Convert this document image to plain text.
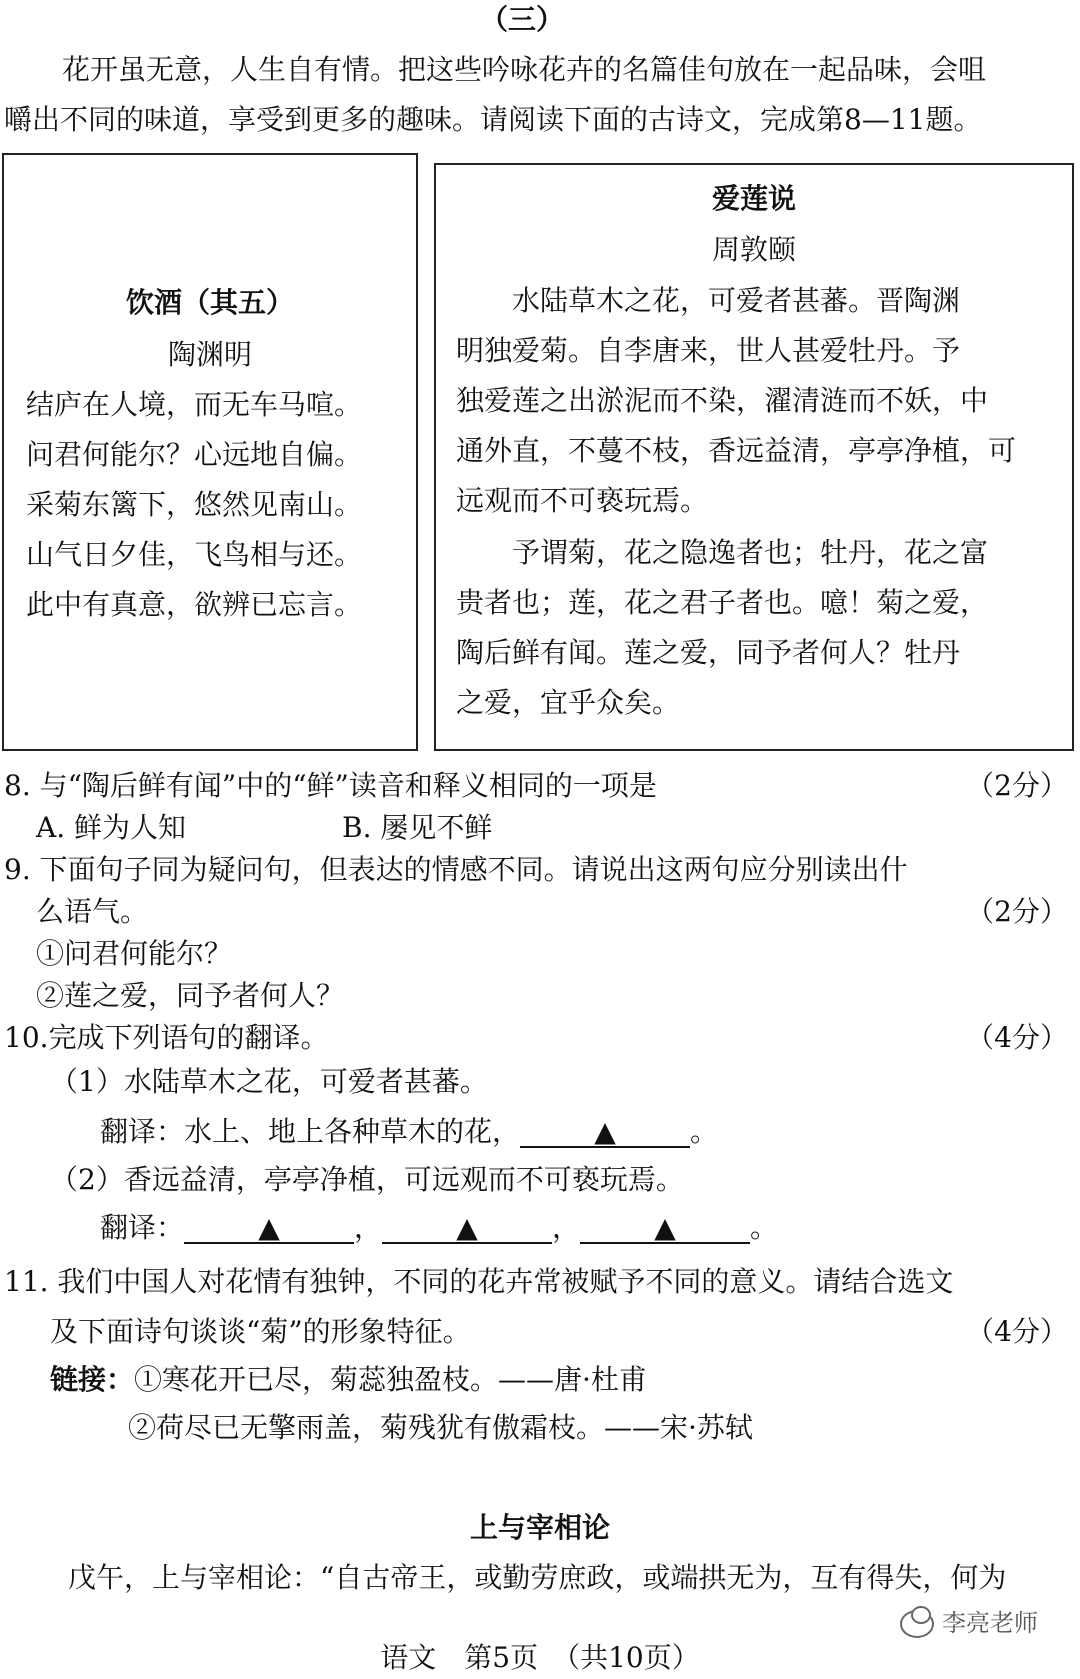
（三）
花开虽无意，人生自有情。把这些吟咏花卉的名篇佳句放在一起品味，会咀
嚼出不同的味道，享受到更多的趣味。请阅读下面的古诗文，完成第8—11题。
饮酒（其五）
陶渊明
结庐在人境，而无车马喧。
问君何能尔？心远地自偏。
采菊东篱下，悠然见南山。
山气日夕佳，飞鸟相与还。
此中有真意，欲辨已忘言。
爱莲说
周敦颐
　　水陆草木之花，可爱者甚蕃。晋陶渊
明独爱菊。自李唐来，世人甚爱牡丹。予
独爱莲之出淤泥而不染，濯清涟而不妖，中
通外直，不蔓不枝，香远益清，亭亭净植，可
远观而不可亵玩焉。
　　予谓菊，花之隐逸者也；牡丹，花之富
贵者也；莲，花之君子者也。噫！菊之爱，
陶后鲜有闻。莲之爱，同予者何人？牡丹
之爱，宜乎众矣。
8. 与“陶后鲜有闻”中的“鲜”读音和释义相同的一项是	（2分）
A. 鲜为人知	B. 屡见不鲜
9. 下面句子同为疑问句，但表达的情感不同。请说出这两句应分别读出什
么语气。	（2分）
①问君何能尔？
②莲之爱，同予者何人？
10.完成下列语句的翻译。	（4分）
（1）水陆草木之花，可爱者甚蕃。
翻译：水上、地上各种草木的花，	▲	。
（2）香远益清，亭亭净植，可远观而不可亵玩焉。
翻译：	▲	，	▲	，	▲	。
11. 我们中国人对花情有独钟，不同的花卉常被赋予不同的意义。请结合选文
及下面诗句谈谈“菊”的形象特征。	（4分）
链接：①寒花开已尽，菊蕊独盈枝。——唐·杜甫
②荷尽已无擎雨盖，菊残犹有傲霜枝。——宋·苏轼
上与宰相论
　戊午，上与宰相论：“自古帝王，或勤劳庶政，或端拱无为，互有得失，何为
李亮老师
语文　第5页　（共10页）
